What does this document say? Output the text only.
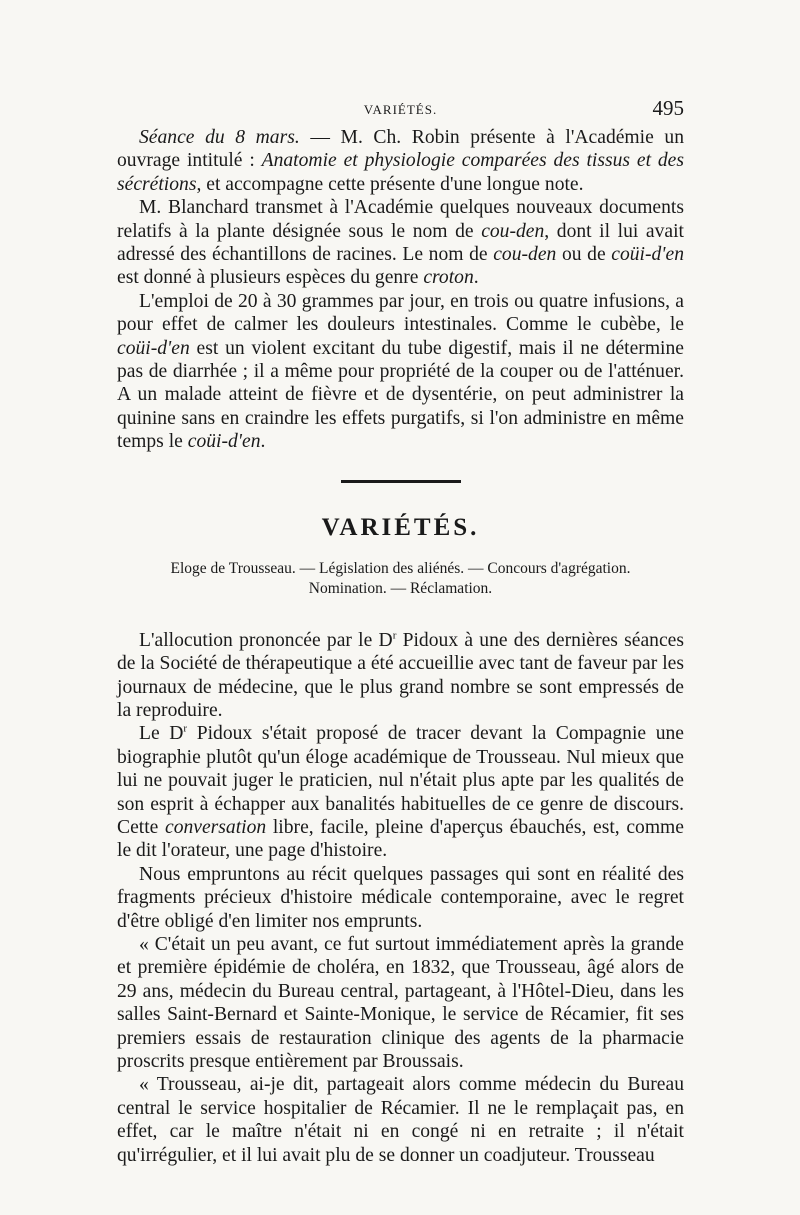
VARIÉTÉS.	495

Séance du 8 mars. — M. Ch. Robin présente à l'Académie un ouvrage intitulé : Anatomie et physiologie comparées des tissus et des sécrétions, et accompagne cette présente d'une longue note.

M. Blanchard transmet à l'Académie quelques nouveaux documents relatifs à la plante désignée sous le nom de cou-den, dont il lui avait adressé des échantillons de racines. Le nom de cou-den ou de coüi-d'en est donné à plusieurs espèces du genre croton.

L'emploi de 20 à 30 grammes par jour, en trois ou quatre infusions, a pour effet de calmer les douleurs intestinales. Comme le cubèbe, le coüi-d'en est un violent excitant du tube digestif, mais il ne détermine pas de diarrhée ; il a même pour propriété de la couper ou de l'atténuer. A un malade atteint de fièvre et de dysentérie, on peut administrer la quinine sans en craindre les effets purgatifs, si l'on administre en même temps le coüi-d'en.

VARIÉTÉS.
Eloge de Trousseau. — Législation des aliénés. — Concours d'agrégation.
Nomination. — Réclamation.

L'allocution prononcée par le $D^r$ Pidoux à une des dernières séances de la Société de thérapeutique a été accueillie avec tant de faveur par les journaux de médecine, que le plus grand nombre se sont empressés de la reproduire.

Le $D^r$ Pidoux s'était proposé de tracer devant la Compagnie une biographie plutôt qu'un éloge académique de Trousseau. Nul mieux que lui ne pouvait juger le praticien, nul n'était plus apte par les qualités de son esprit à échapper aux banalités habituelles de ce genre de discours. Cette conversation libre, facile, pleine d'aperçus ébauchés, est, comme le dit l'orateur, une page d'histoire.

Nous empruntons au récit quelques passages qui sont en réalité des fragments précieux d'histoire médicale contemporaine, avec le regret d'être obligé d'en limiter nos emprunts.

« C'était un peu avant, ce fut surtout immédiatement après la grande et première épidémie de choléra, en 1832, que Trousseau, âgé alors de 29 ans, médecin du Bureau central, partageant, à l'Hôtel-Dieu, dans les salles Saint-Bernard et Sainte-Monique, le service de Récamier, fit ses premiers essais de restauration clinique des agents de la pharmacie proscrits presque entièrement par Broussais.

« Trousseau, ai-je dit, partageait alors comme médecin du Bureau central le service hospitalier de Récamier. Il ne le remplaçait pas, en effet, car le maître n'était ni en congé ni en retraite ; il n'était qu'irrégulier, et il lui avait plu de se donner un coadjuteur. Trousseau
